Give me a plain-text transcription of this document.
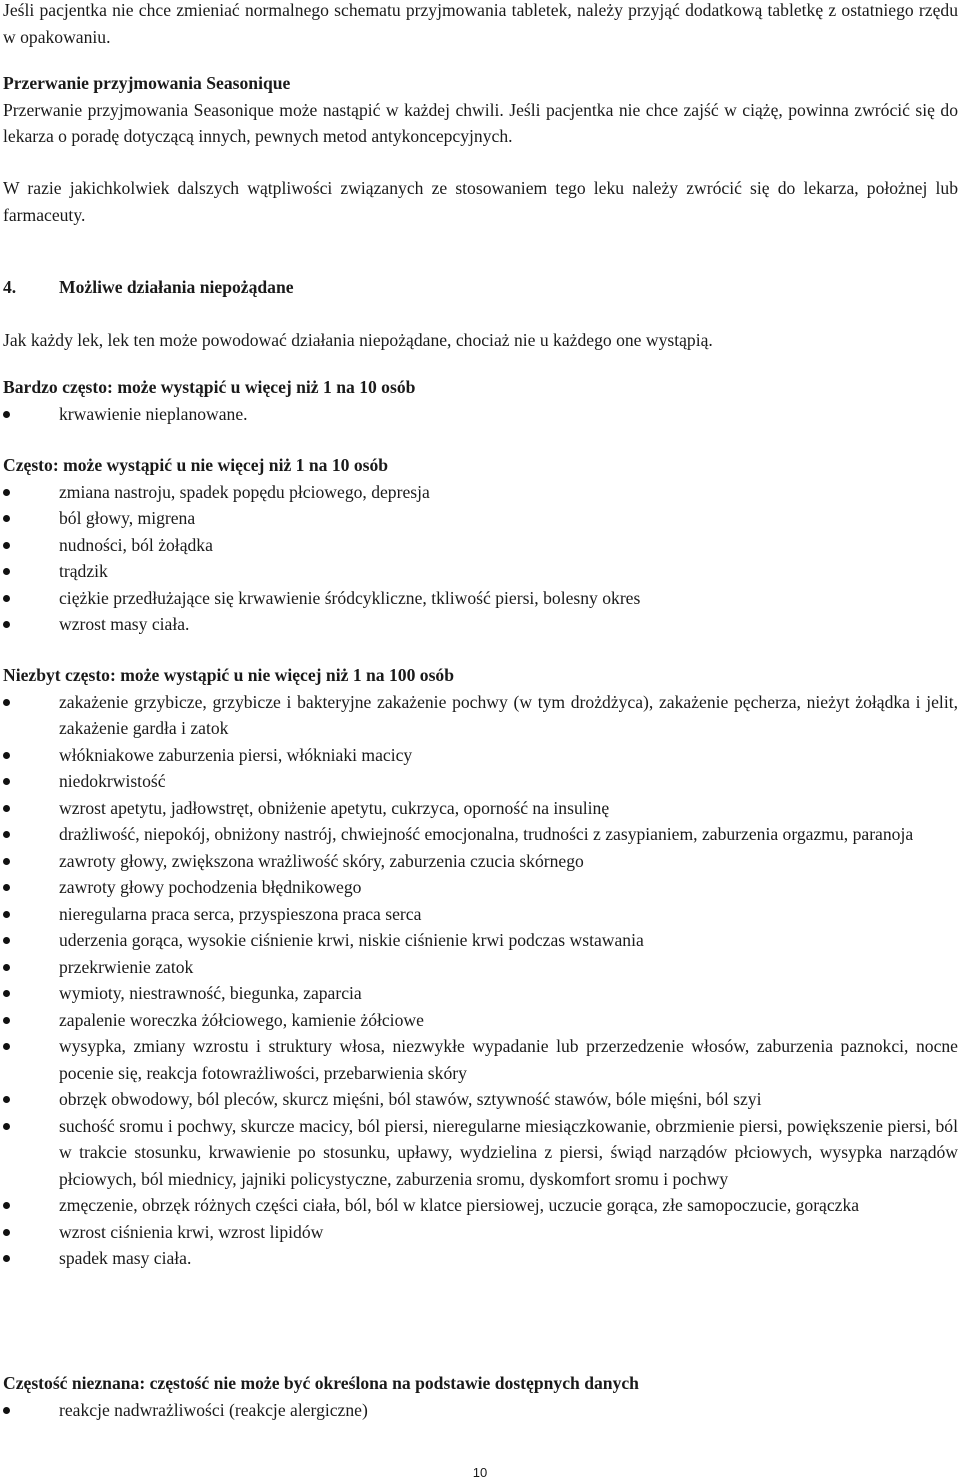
Jeśli pacjentka nie chce zmieniać normalnego schematu przyjmowania tabletek, należy przyjąć dodatkową tabletkę z ostatniego rzędu w opakowaniu.

Przerwanie przyjmowania Seasonique

Przerwanie przyjmowania Seasonique może nastąpić w każdej chwili. Jeśli pacjentka nie chce zajść w ciążę, powinna zwrócić się do lekarza o poradę dotyczącą innych, pewnych metod antykoncepcyjnych.

W razie jakichkolwiek dalszych wątpliwości związanych ze stosowaniem tego leku należy zwrócić się do lekarza, położnej lub farmaceuty.

4.	Możliwe działania niepożądane

Jak każdy lek, lek ten może powodować działania niepożądane, chociaż nie u każdego one wystąpią.

Bardzo często: może wystąpić u więcej niż 1 na 10 osób

krwawienie nieplanowane.

Często: może wystąpić u nie więcej niż 1 na 10 osób

zmiana nastroju, spadek popędu płciowego, depresja
ból głowy, migrena
nudności, ból żołądka
trądzik
ciężkie przedłużające się krwawienie śródcykliczne, tkliwość piersi, bolesny okres
wzrost masy ciała.

Niezbyt często: może wystąpić u nie więcej niż 1 na 100 osób

zakażenie grzybicze, grzybicze i bakteryjne zakażenie pochwy (w tym drożdżyca), zakażenie pęcherza, nieżyt żołądka i jelit, zakażenie gardła i zatok
włókniakowe zaburzenia piersi, włókniaki macicy
niedokrwistość
wzrost apetytu, jadłowstręt, obniżenie apetytu, cukrzyca, oporność na insulinę
drażliwość, niepokój, obniżony nastrój, chwiejność emocjonalna, trudności z zasypianiem, zaburzenia orgazmu, paranoja
zawroty głowy, zwiększona wrażliwość skóry, zaburzenia czucia skórnego
zawroty głowy pochodzenia błędnikowego
nieregularna praca serca, przyspieszona praca serca
uderzenia gorąca, wysokie ciśnienie krwi, niskie ciśnienie krwi podczas wstawania
przekrwienie zatok
wymioty, niestrawność, biegunka, zaparcia
zapalenie woreczka żółciowego, kamienie żółciowe
wysypka, zmiany wzrostu i struktury włosa, niezwykłe wypadanie lub przerzedzenie włosów, zaburzenia paznokci, nocne pocenie się, reakcja fotowrażliwości, przebarwienia skóry
obrzęk obwodowy, ból pleców, skurcz mięśni, ból stawów, sztywność stawów, bóle mięśni, ból szyi
suchość sromu i pochwy, skurcze macicy, ból piersi, nieregularne miesiączkowanie, obrzmienie piersi, powiększenie piersi, ból w trakcie stosunku, krwawienie po stosunku, upławy, wydzielina z piersi, świąd narządów płciowych, wysypka narządów płciowych, ból miednicy, jajniki policystyczne, zaburzenia sromu, dyskomfort sromu i pochwy
zmęczenie, obrzęk różnych części ciała, ból, ból w klatce piersiowej, uczucie gorąca, złe samopoczucie, gorączka
wzrost ciśnienia krwi, wzrost lipidów
spadek masy ciała.

Częstość nieznana: częstość nie może być określona na podstawie dostępnych danych

reakcje nadwrażliwości (reakcje alergiczne)
10
